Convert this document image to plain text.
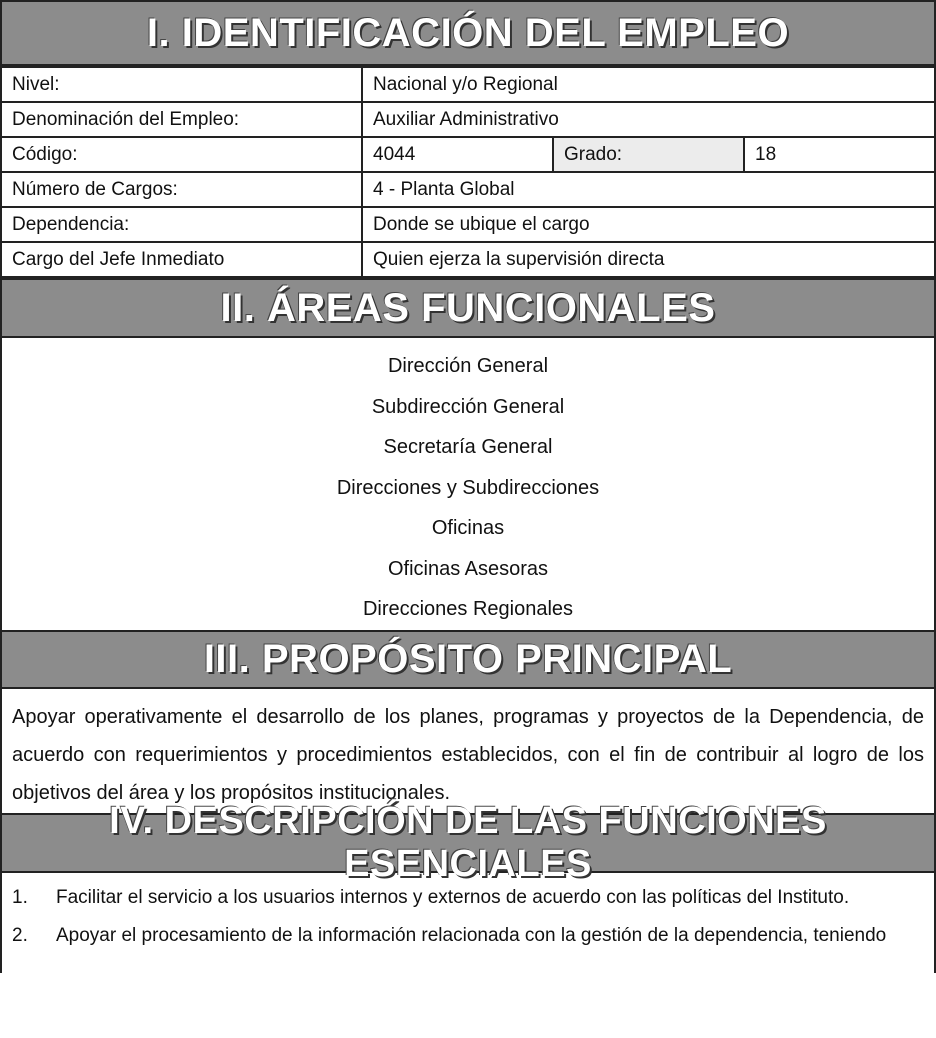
I. IDENTIFICACIÓN DEL EMPLEO
Nivel:	Nacional y/o Regional		
Denominación del Empleo:	Auxiliar Administrativo		
Código:	4044	Grado:	18
Número de Cargos:	4 - Planta Global		
Dependencia:	Donde se ubique el cargo		
Cargo del Jefe Inmediato	Quien ejerza la supervisión directa		
II. ÁREAS FUNCIONALES
Dirección General
Subdirección General
Secretaría General
Direcciones y Subdirecciones
Oficinas
Oficinas Asesoras
Direcciones Regionales
III. PROPÓSITO PRINCIPAL
Apoyar operativamente el desarrollo de los planes, programas y proyectos de la Dependencia, de acuerdo con requerimientos y procedimientos establecidos, con el fin de contribuir al logro de los objetivos del área y los propósitos institucionales.
IV. DESCRIPCIÓN DE LAS FUNCIONES ESENCIALES
1.	Facilitar el servicio a los usuarios internos y externos de acuerdo con las políticas del Instituto.
2.	Apoyar el procesamiento de la información relacionada con la gestión de la dependencia, teniendo
